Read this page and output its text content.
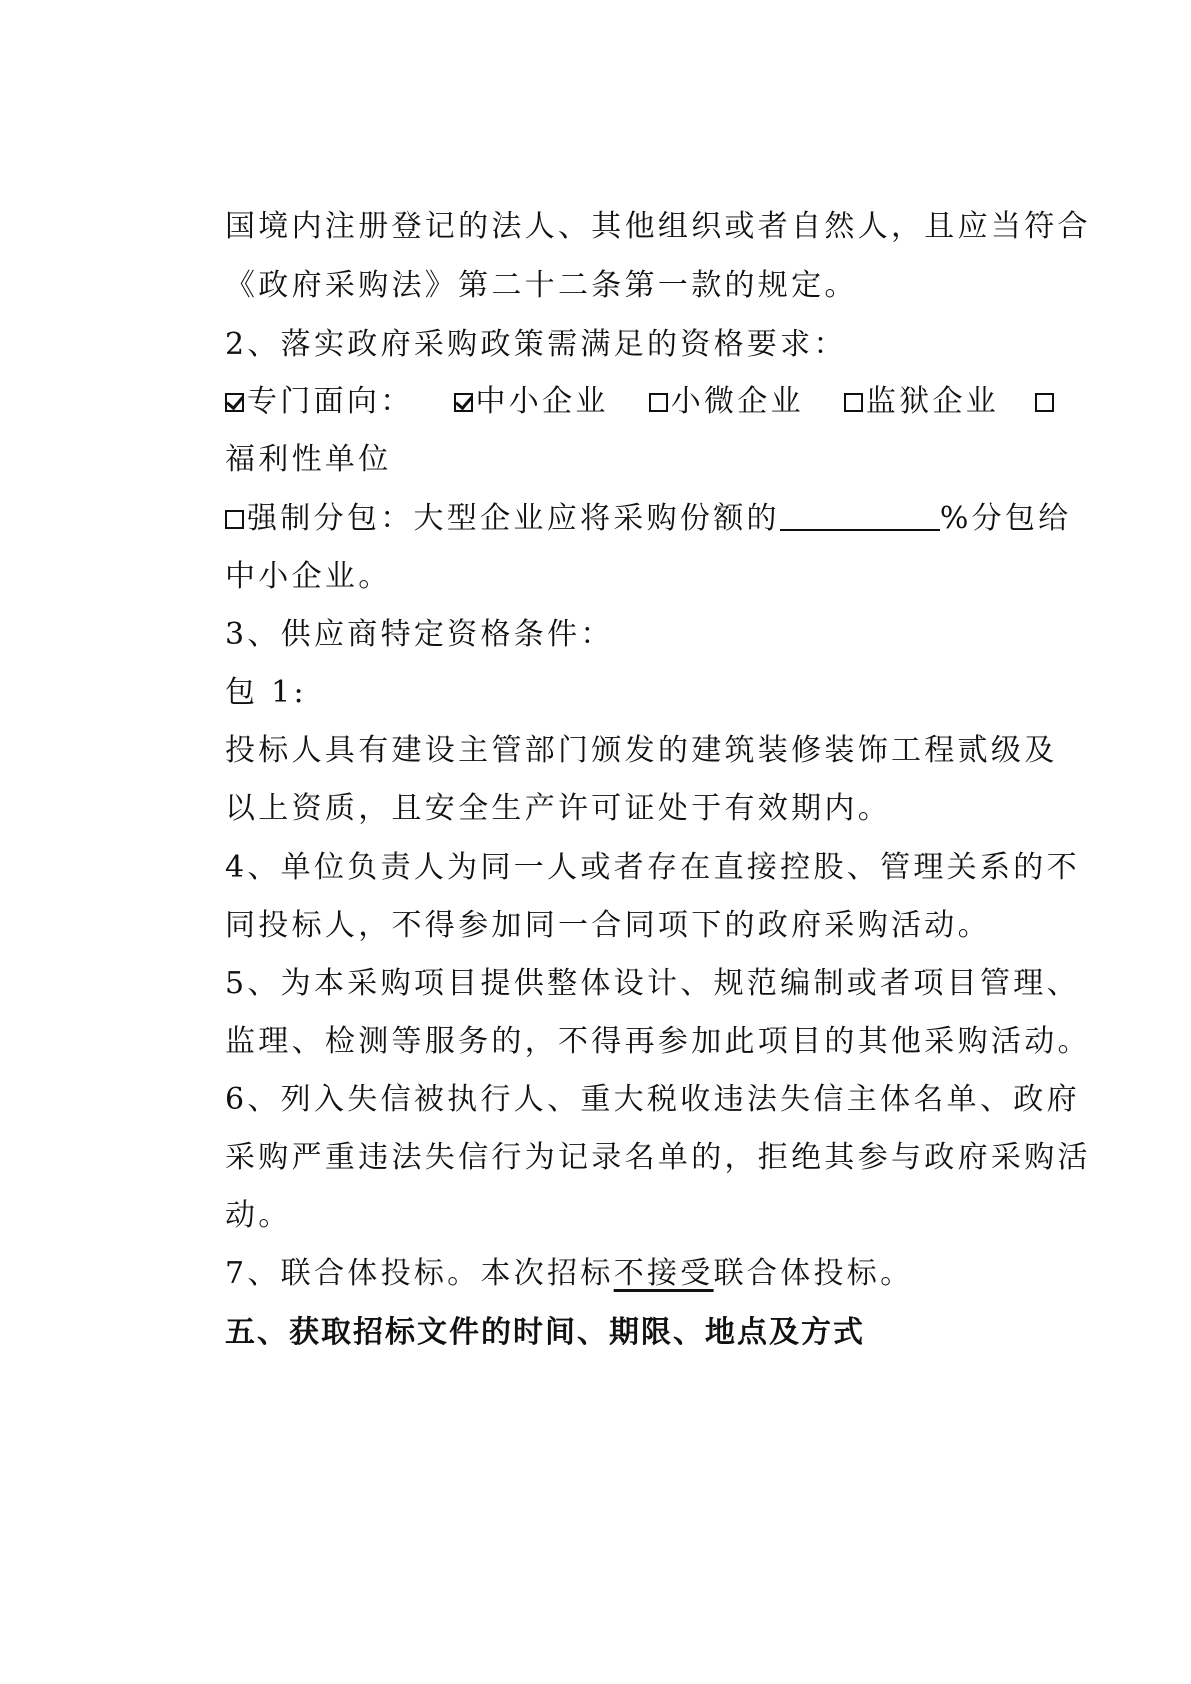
国境内注册登记的法人、其他组织或者自然人，且应当符合
《政府采购法》第二十二条第一款的规定。
2、落实政府采购政策需满足的资格要求：
专门面向： 中小企业 小微企业 监狱企业
福利性单位
强制分包：大型企业应将采购份额的	%分包给
中小企业。
3、供应商特定资格条件：
包 1:
投标人具有建设主管部门颁发的建筑装修装饰工程贰级及
以上资质，且安全生产许可证处于有效期内。
4、单位负责人为同一人或者存在直接控股、管理关系的不
同投标人，不得参加同一合同项下的政府采购活动。
5、为本采购项目提供整体设计、规范编制或者项目管理、
监理、检测等服务的，不得再参加此项目的其他采购活动。
6、列入失信被执行人、重大税收违法失信主体名单、政府
采购严重违法失信行为记录名单的，拒绝其参与政府采购活
动。
7、联合体投标。本次招标不接受联合体投标。
五、获取招标文件的时间、期限、地点及方式
